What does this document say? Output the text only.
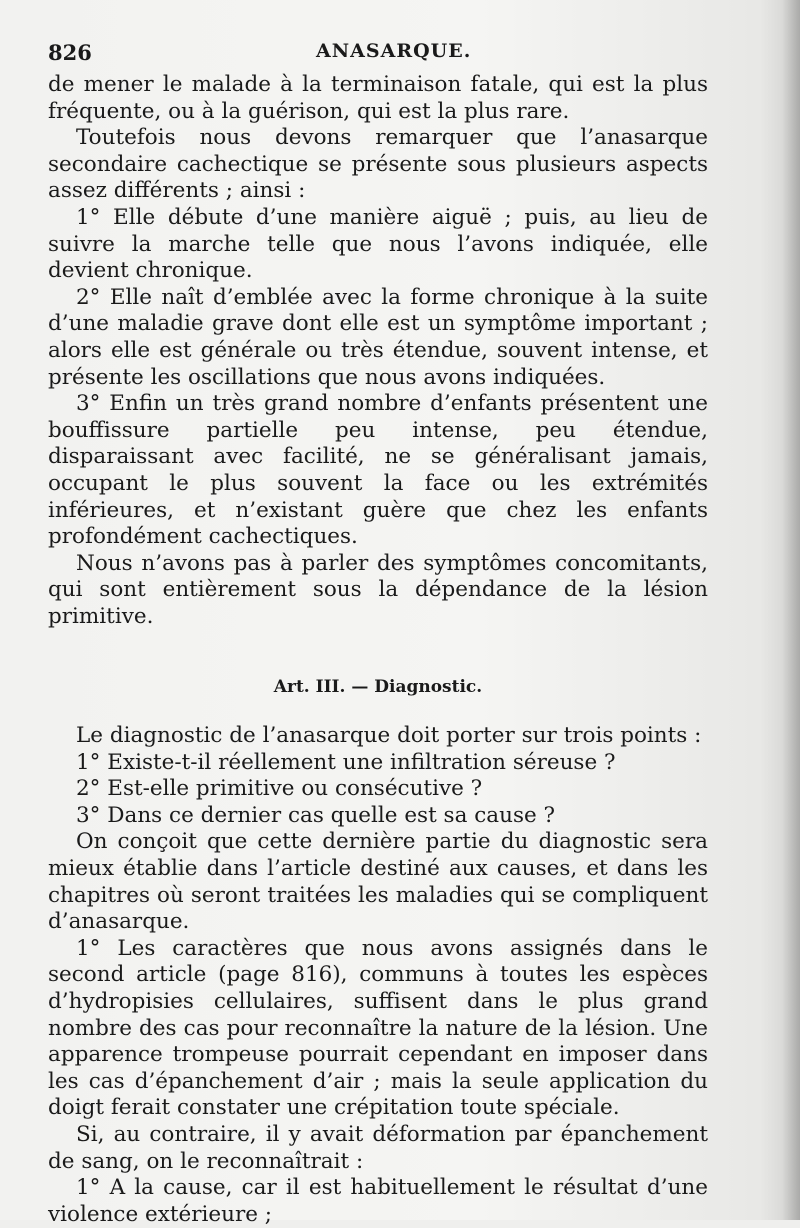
826	ANASARQUE.

de mener le malade à la terminaison fatale, qui est la plus fréquente, ou à la guérison, qui est la plus rare.

Toutefois nous devons remarquer que l’anasarque secondaire cachectique se présente sous plusieurs aspects assez différents ; ainsi :

1° Elle débute d’une manière aiguë ; puis, au lieu de suivre la marche telle que nous l’avons indiquée, elle devient chronique.

2° Elle naît d’emblée avec la forme chronique à la suite d’une maladie grave dont elle est un symptôme important ; alors elle est générale ou très étendue, souvent intense, et présente les oscillations que nous avons indiquées.

3° Enfin un très grand nombre d’enfants présentent une bouffissure partielle peu intense, peu étendue, disparaissant avec facilité, ne se généralisant jamais, occupant le plus souvent la face ou les extrémités inférieures, et n’existant guère que chez les enfants profondément cachectiques.

Nous n’avons pas à parler des symptômes concomitants, qui sont entièrement sous la dépendance de la lésion primitive.

Art. III. — Diagnostic.

Le diagnostic de l’anasarque doit porter sur trois points :

1° Existe-t-il réellement une infiltration séreuse ?

2° Est-elle primitive ou consécutive ?

3° Dans ce dernier cas quelle est sa cause ?

On conçoit que cette dernière partie du diagnostic sera mieux établie dans l’article destiné aux causes, et dans les chapitres où seront traitées les maladies qui se compliquent d’anasarque.

1° Les caractères que nous avons assignés dans le second article (page 816), communs à toutes les espèces d’hydropisies cellulaires, suffisent dans le plus grand nombre des cas pour reconnaître la nature de la lésion. Une apparence trompeuse pourrait cependant en imposer dans les cas d’épanchement d’air ; mais la seule application du doigt ferait constater une crépitation toute spéciale.

Si, au contraire, il y avait déformation par épanchement de sang, on le reconnaîtrait :

1° A la cause, car il est habituellement le résultat d’une violence extérieure ;
